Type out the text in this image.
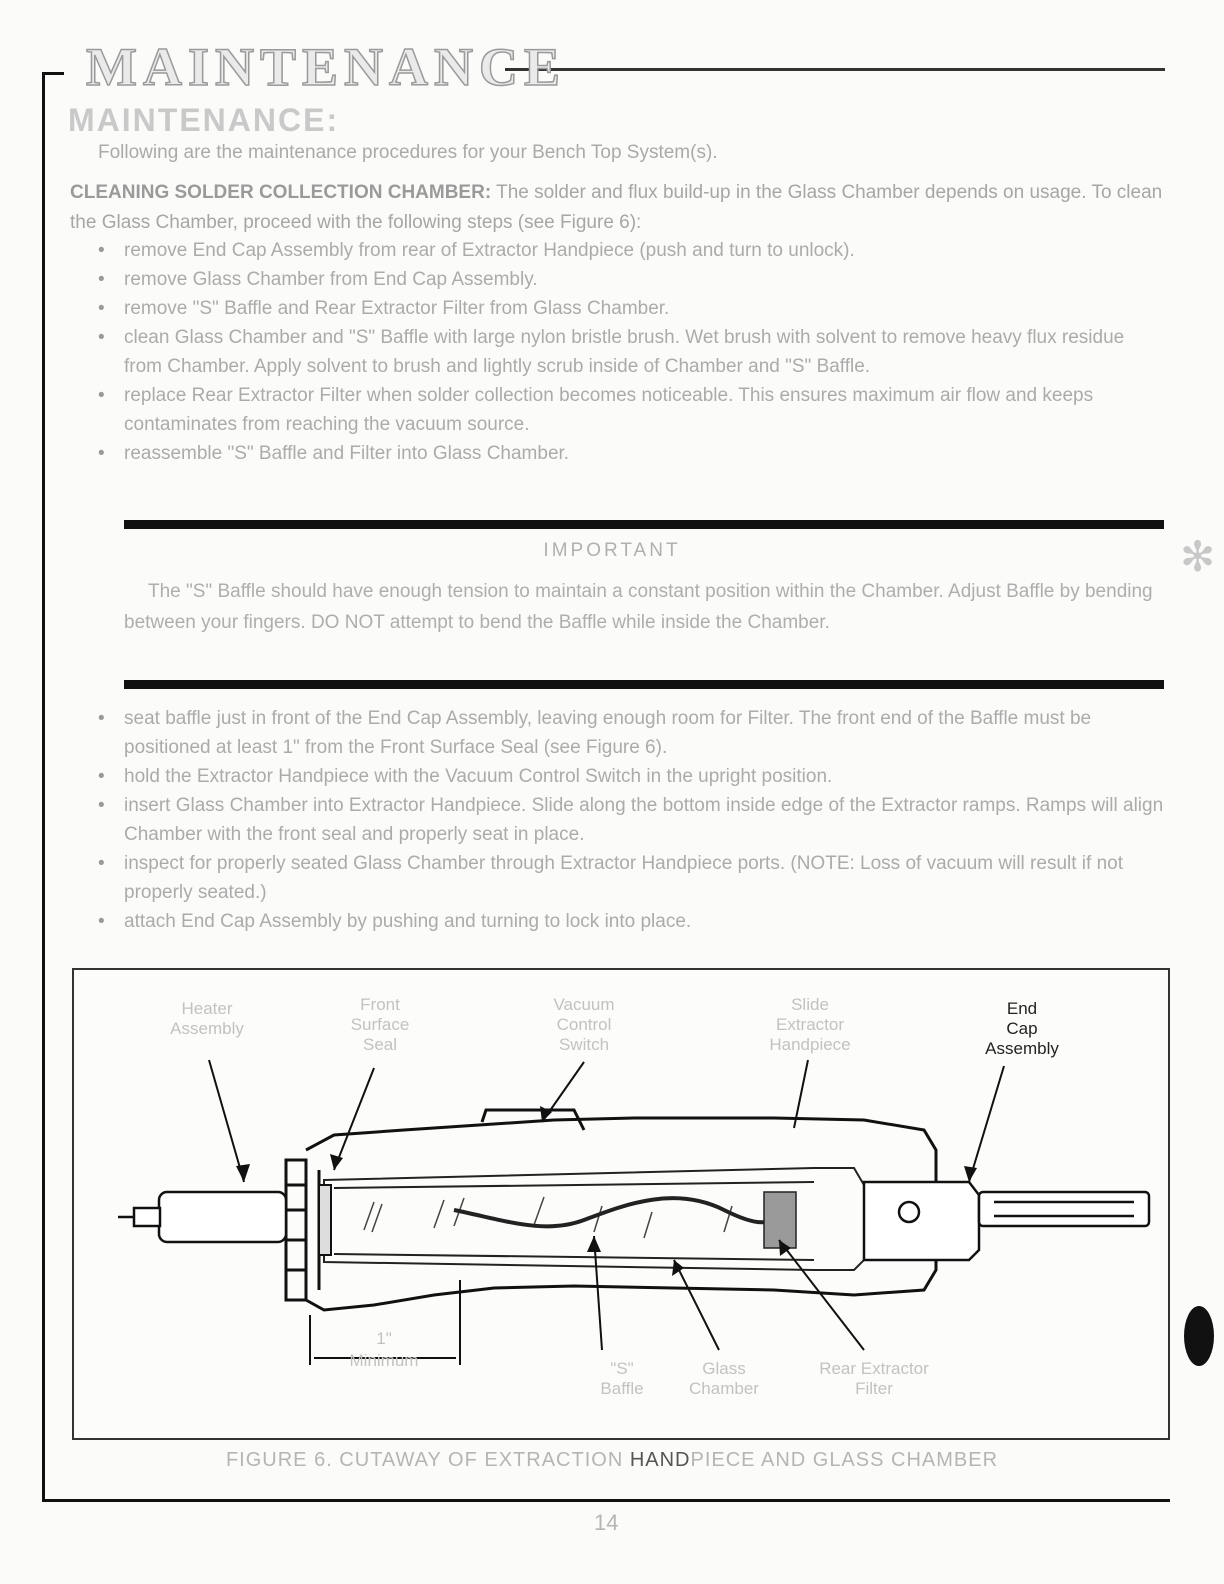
MAINTENANCE
MAINTENANCE:
Following are the maintenance procedures for your Bench Top System(s).
CLEANING SOLDER COLLECTION CHAMBER: The solder and flux build-up in the Glass Chamber depends on usage. To clean the Glass Chamber, proceed with the following steps (see Figure 6):
• remove End Cap Assembly from rear of Extractor Handpiece (push and turn to unlock).
• remove Glass Chamber from End Cap Assembly.
• remove "S" Baffle and Rear Extractor Filter from Glass Chamber.
• clean Glass Chamber and "S" Baffle with large nylon bristle brush. Wet brush with solvent to remove heavy flux residue from Chamber. Apply solvent to brush and lightly scrub inside of Chamber and "S" Baffle.
• replace Rear Extractor Filter when solder collection becomes noticeable. This ensures maximum air flow and keeps contaminates from reaching the vacuum source.
• reassemble "S" Baffle and Filter into Glass Chamber.
IMPORTANT
The "S" Baffle should have enough tension to maintain a constant position within the Chamber. Adjust Baffle by bending between your fingers. DO NOT attempt to bend the Baffle while inside the Chamber.
✻
• seat baffle just in front of the End Cap Assembly, leaving enough room for Filter. The front end of the Baffle must be positioned at least 1" from the Front Surface Seal (see Figure 6).
• hold the Extractor Handpiece with the Vacuum Control Switch in the upright position.
• insert Glass Chamber into Extractor Handpiece. Slide along the bottom inside edge of the Extractor ramps. Ramps will align Chamber with the front seal and properly seat in place.
• inspect for properly seated Glass Chamber through Extractor Handpiece ports. (NOTE: Loss of vacuum will result if not properly seated.)
• attach End Cap Assembly by pushing and turning to lock into place.
Heater
Assembly
Front
Surface
Seal
Vacuum
Control
Switch
Slide
Extractor
Handpiece
"S"
Baffle
Glass
Chamber
Rear Extractor
Filter
1"
Minimum
End
Cap
Assembly
FIGURE 6. CUTAWAY OF EXTRACTION HANDPIECE AND GLASS CHAMBER
14
